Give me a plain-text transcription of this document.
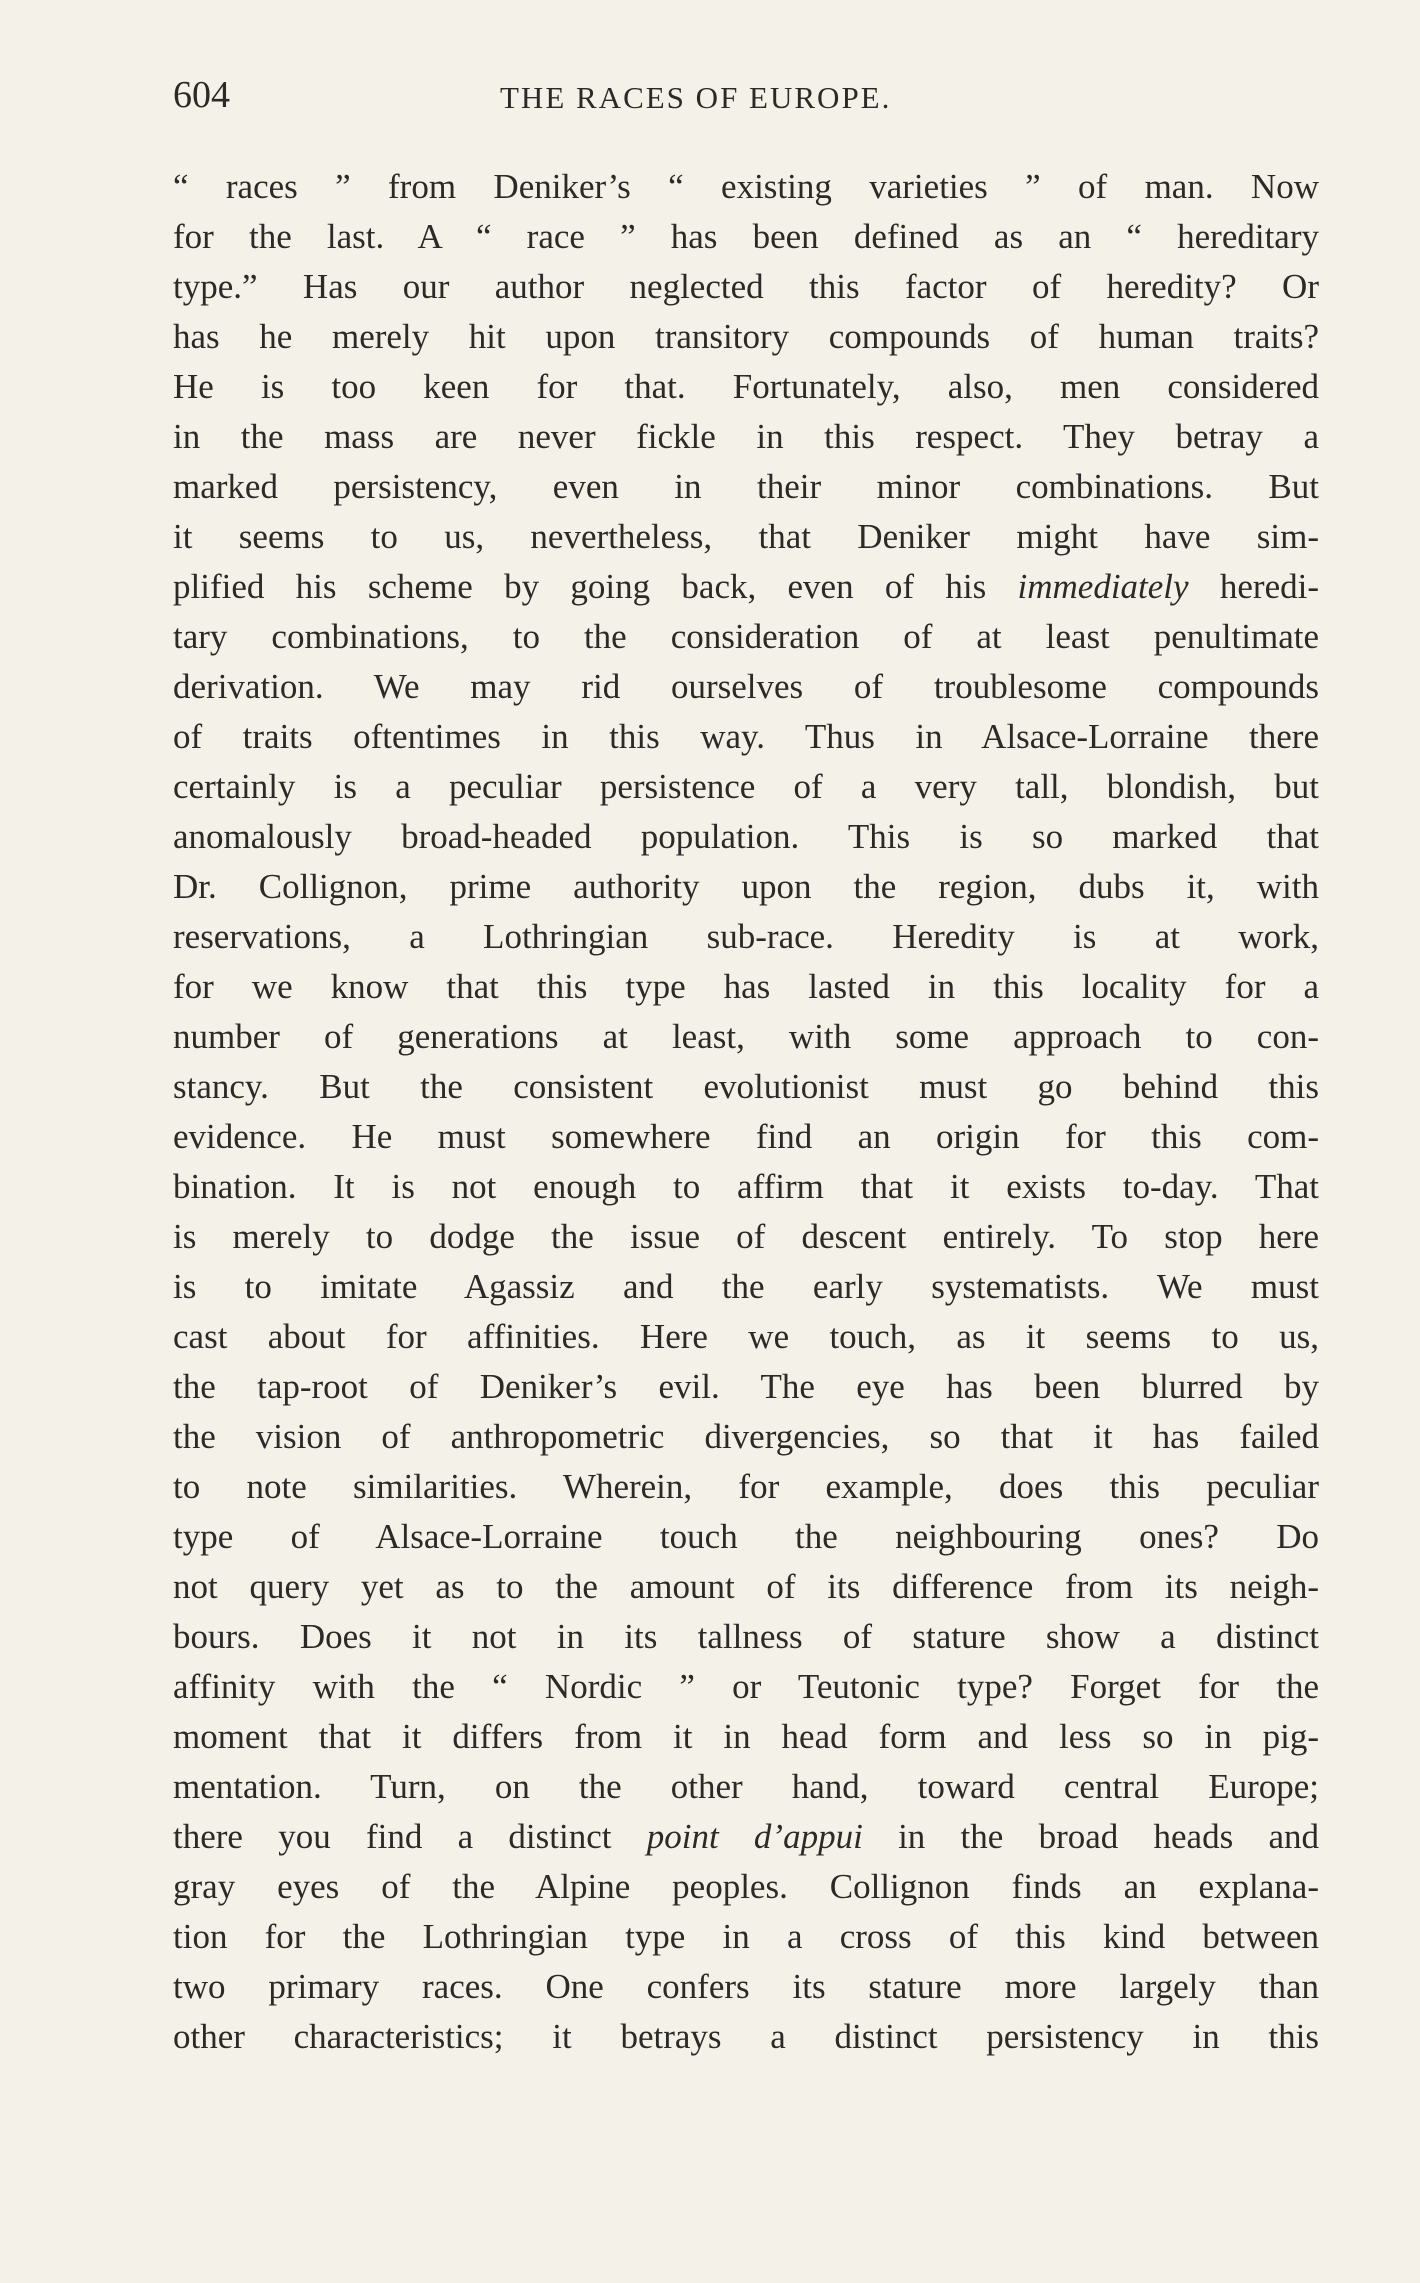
604	THE RACES OF EUROPE.
“ races ” from Deniker’s “ existing varieties ” of man. Now
for the last. A “ race ” has been defined as an “ hereditary
type.” Has our author neglected this factor of heredity? Or
has he merely hit upon transitory compounds of human traits?
He is too keen for that. Fortunately, also, men considered
in the mass are never fickle in this respect. They betray a
marked persistency, even in their minor combinations. But
it seems to us, nevertheless, that Deniker might have sim-
plified his scheme by going back, even of his immediately heredi-
tary combinations, to the consideration of at least penultimate
derivation. We may rid ourselves of troublesome compounds
of traits oftentimes in this way. Thus in Alsace-Lorraine there
certainly is a peculiar persistence of a very tall, blondish, but
anomalously broad-headed population. This is so marked that
Dr. Collignon, prime authority upon the region, dubs it, with
reservations, a Lothringian sub-race. Heredity is at work,
for we know that this type has lasted in this locality for a
number of generations at least, with some approach to con-
stancy. But the consistent evolutionist must go behind this
evidence. He must somewhere find an origin for this com-
bination. It is not enough to affirm that it exists to-day. That
is merely to dodge the issue of descent entirely. To stop here
is to imitate Agassiz and the early systematists. We must
cast about for affinities. Here we touch, as it seems to us,
the tap-root of Deniker’s evil. The eye has been blurred by
the vision of anthropometric divergencies, so that it has failed
to note similarities. Wherein, for example, does this peculiar
type of Alsace-Lorraine touch the neighbouring ones? Do
not query yet as to the amount of its difference from its neigh-
bours. Does it not in its tallness of stature show a distinct
affinity with the “ Nordic ” or Teutonic type? Forget for the
moment that it differs from it in head form and less so in pig-
mentation. Turn, on the other hand, toward central Europe;
there you find a distinct point d’appui in the broad heads and
gray eyes of the Alpine peoples. Collignon finds an explana-
tion for the Lothringian type in a cross of this kind between
two primary races. One confers its stature more largely than
other characteristics; it betrays a distinct persistency in this
